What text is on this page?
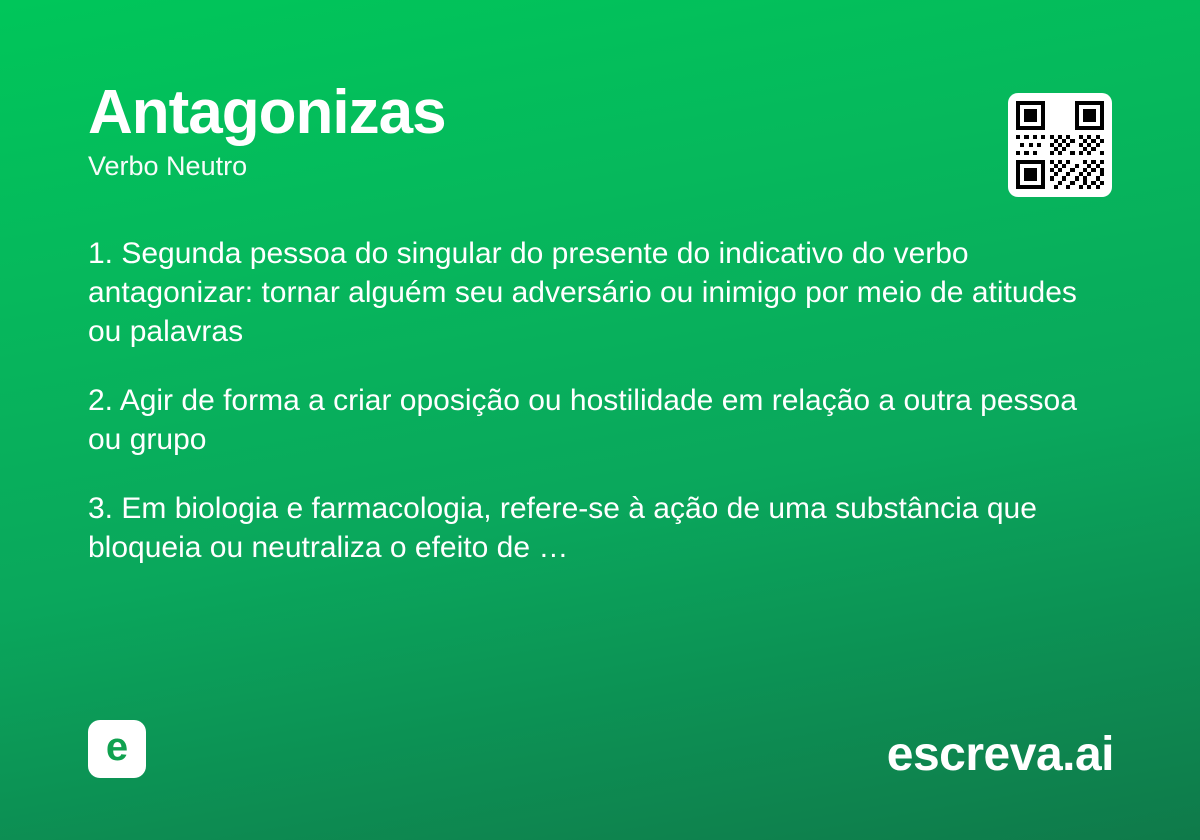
Antagonizas

Verbo Neutro

1. Segunda pessoa do singular do presente do indicativo do verbo antagonizar: tornar alguém seu adversário ou inimigo por meio de atitudes ou palavras

2. Agir de forma a criar oposição ou hostilidade em relação a outra pessoa ou grupo

3. Em biologia e farmacologia, refere-se à ação de uma substância que bloqueia ou neutraliza o efeito de …

e	escreva.ai
